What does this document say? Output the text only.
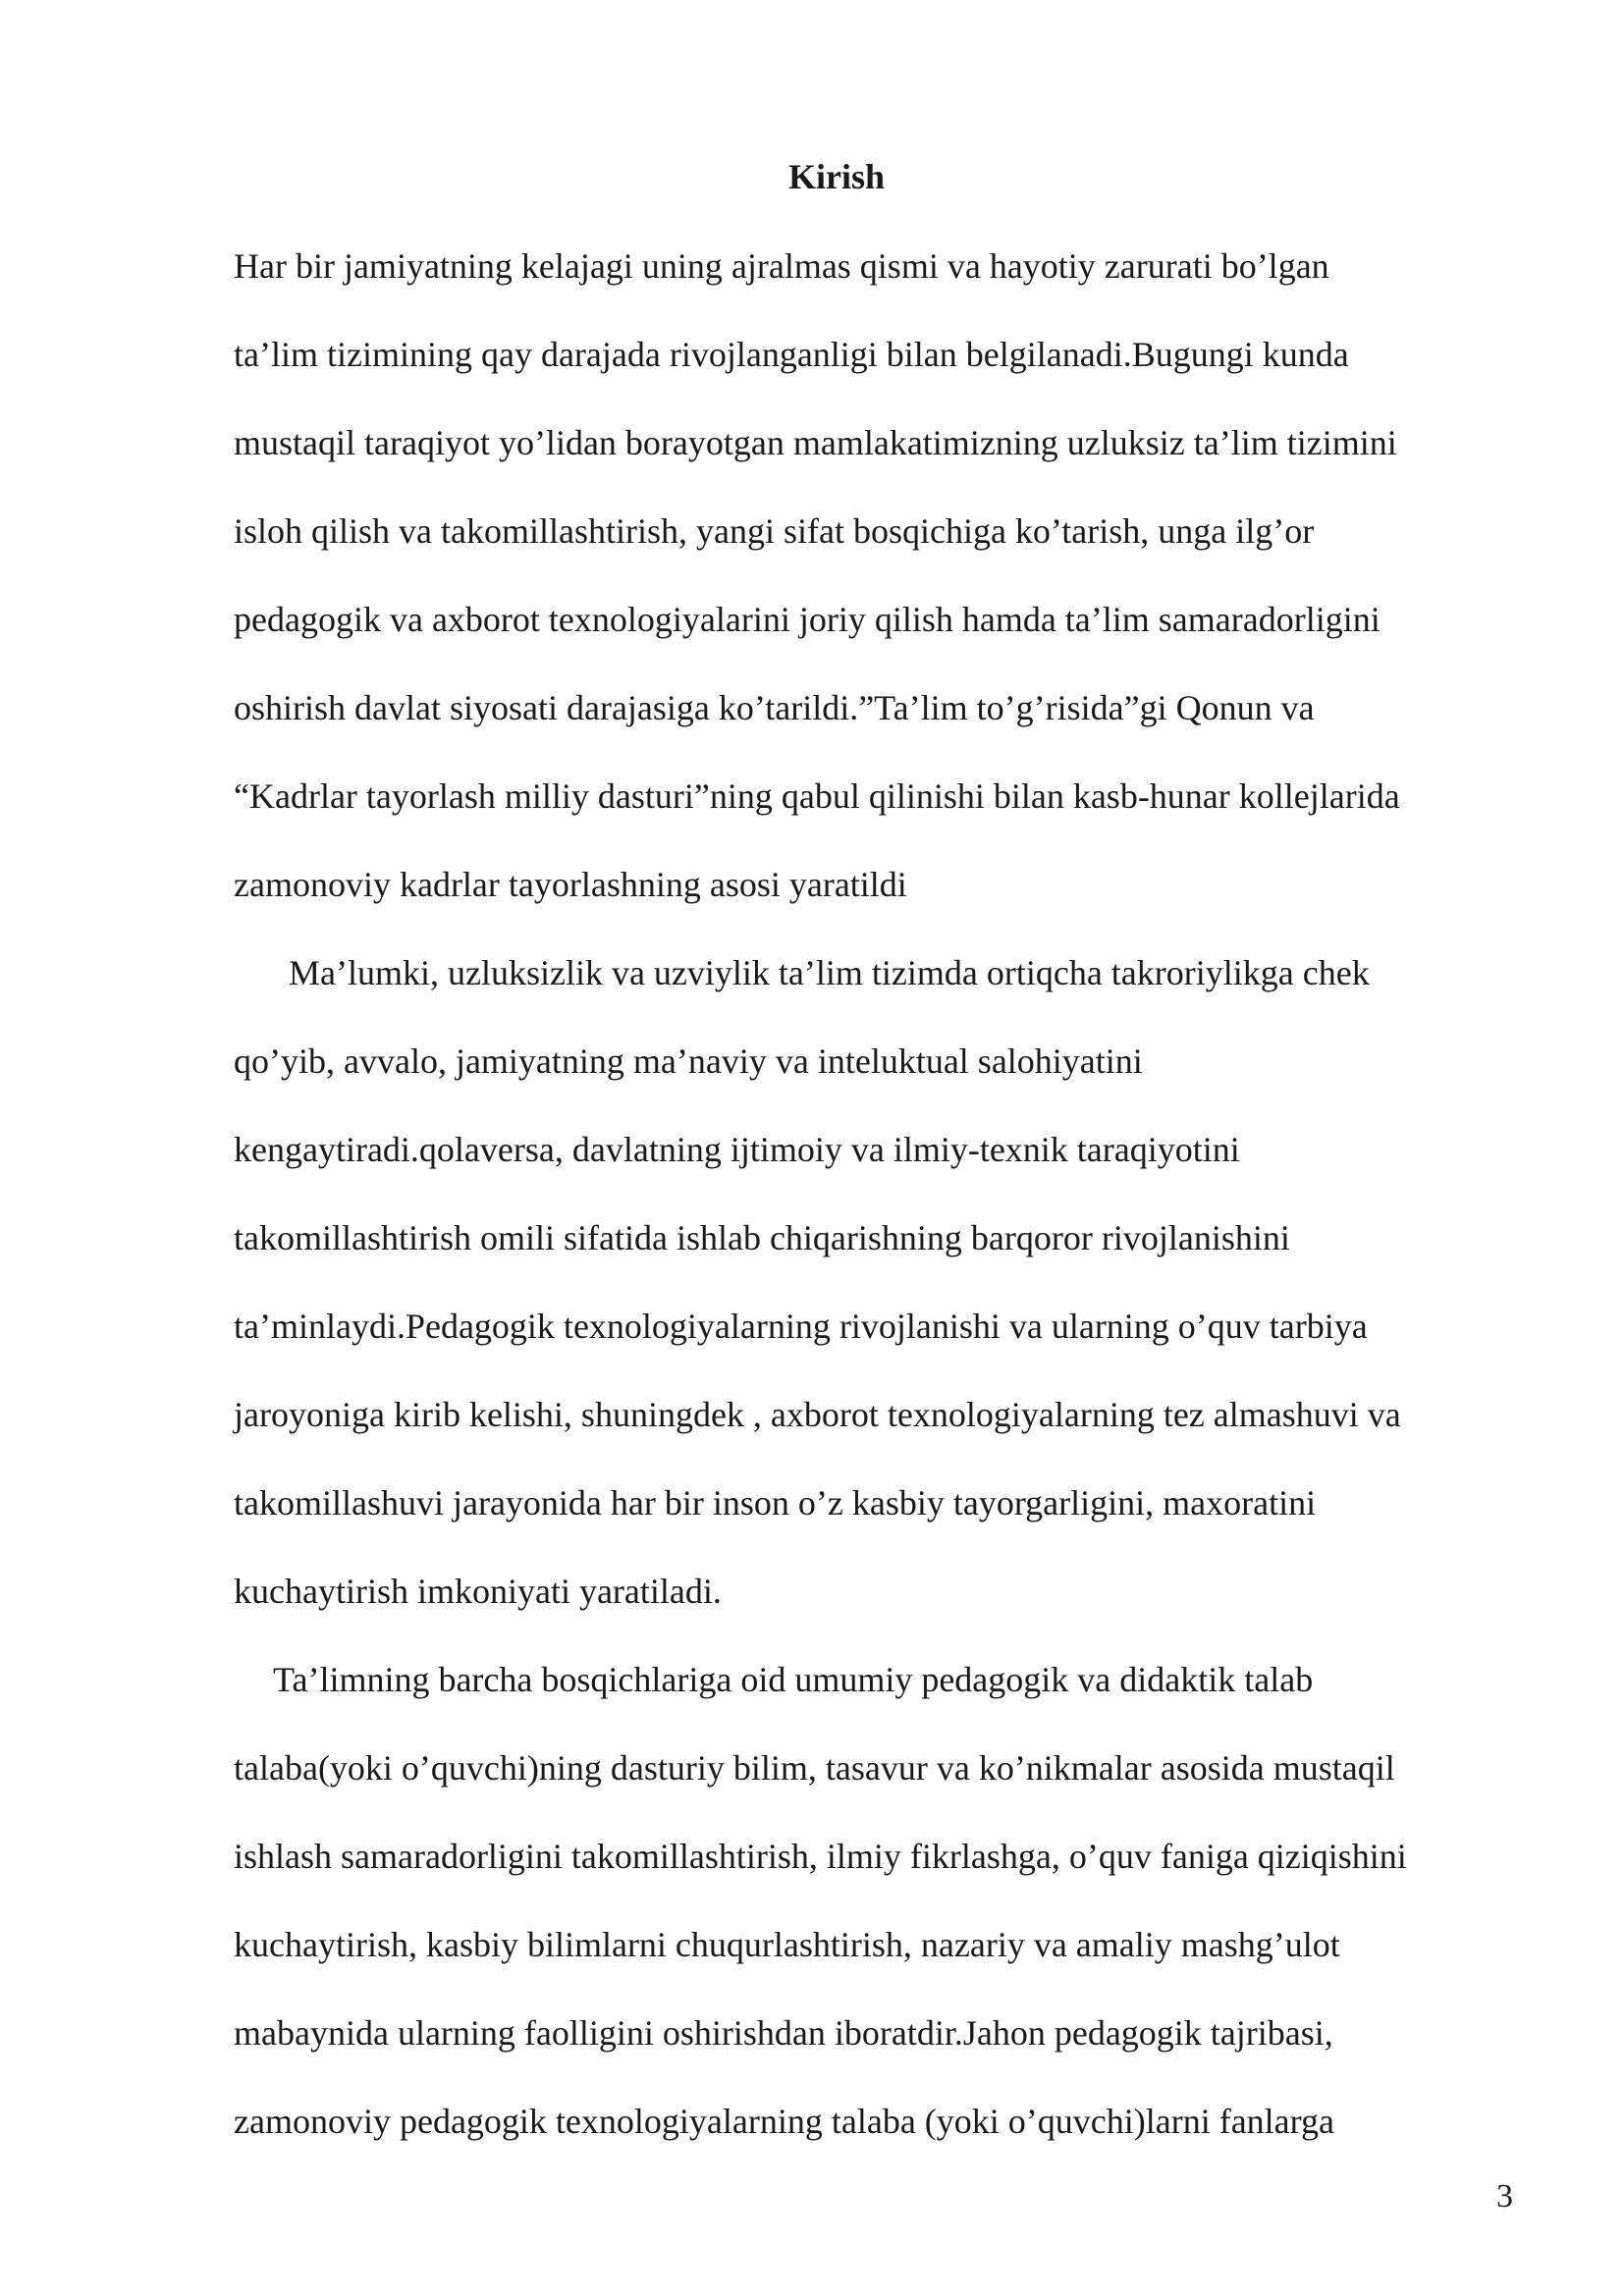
Kirish
Har bir jamiyatning kelajagi uning ajralmas qismi va hayotiy zarurati bo’lgan
ta’lim tizimining qay darajada rivojlanganligi bilan belgilanadi.Bugungi kunda
mustaqil taraqiyot yo’lidan borayotgan mamlakatimizning uzluksiz ta’lim tizimini
isloh qilish va takomillashtirish, yangi sifat bosqichiga ko’tarish, unga ilg’or
pedagogik va axborot texnologiyalarini joriy qilish hamda ta’lim samaradorligini
oshirish davlat siyosati darajasiga ko’tarildi.”Ta’lim to’g’risida”gi Qonun va
“Kadrlar tayorlash milliy dasturi”ning qabul qilinishi bilan kasb-hunar kollejlarida
zamonoviy kadrlar tayorlashning asosi yaratildi
Ma’lumki, uzluksizlik va uzviylik ta’lim tizimda ortiqcha takroriylikga chek
qo’yib, avvalo, jamiyatning ma’naviy va inteluktual salohiyatini
kengaytiradi.qolaversa, davlatning ijtimoiy va ilmiy-texnik taraqiyotini
takomillashtirish omili sifatida ishlab chiqarishning barqoror rivojlanishini
ta’minlaydi.Pedagogik texnologiyalarning rivojlanishi va ularning o’quv tarbiya
jaroyoniga kirib kelishi, shuningdek , axborot texnologiyalarning tez almashuvi va
takomillashuvi jarayonida har bir inson o’z kasbiy tayorgarligini, maxoratini
kuchaytirish imkoniyati yaratiladi.
Ta’limning barcha bosqichlariga oid umumiy pedagogik va didaktik talab
talaba(yoki o’quvchi)ning dasturiy bilim, tasavur va ko’nikmalar asosida mustaqil
ishlash samaradorligini takomillashtirish, ilmiy fikrlashga, o’quv faniga qiziqishini
kuchaytirish, kasbiy bilimlarni chuqurlashtirish, nazariy va amaliy mashg’ulot
mabaynida ularning faolligini oshirishdan iboratdir.Jahon pedagogik tajribasi,
zamonoviy pedagogik texnologiyalarning talaba (yoki o’quvchi)larni fanlarga
3
